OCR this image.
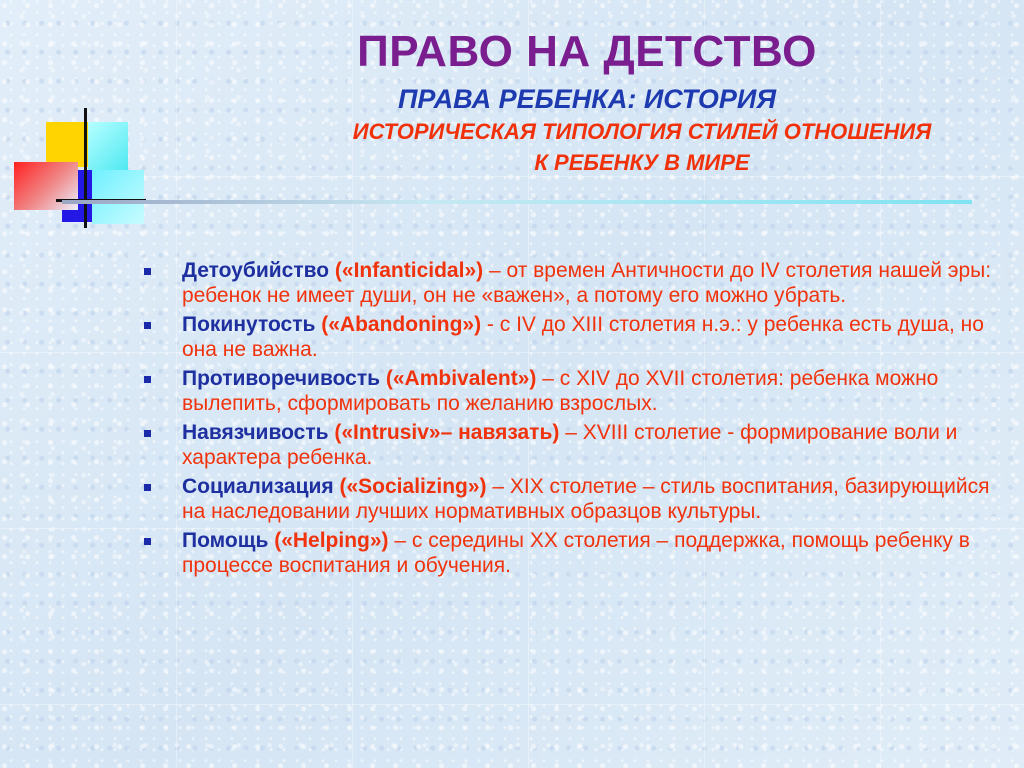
ПРАВО НА ДЕТСТВО
ПРАВА РЕБЕНКА: ИСТОРИЯ
ИСТОРИЧЕСКАЯ ТИПОЛОГИЯ СТИЛЕЙ ОТНОШЕНИЯ
К РЕБЕНКУ В МИРЕ
Детоубийство («Infanticidal») – от времен Античности до IV столетия нашей эры: ребенок не имеет души, он не «важен», а потому его можно убрать.
Покинутость («Abandoning») - с IV до XIII столетия н.э.: у ребенка есть душа, но она не важна.
Противоречивость («Ambivalent») – с XIV до XVII столетия: ребенка можно вылепить, сформировать по желанию взрослых.
Навязчивость («Intrusiv»– навязать) – XVIII столетие - формирование воли и характера ребенка.
Социализация («Socializing») – XIX столетие – стиль воспитания, базирующийся на наследовании лучших нормативных образцов культуры.
Помощь («Helping») – с середины XX столетия – поддержка, помощь ребенку в процессе воспитания и обучения.
